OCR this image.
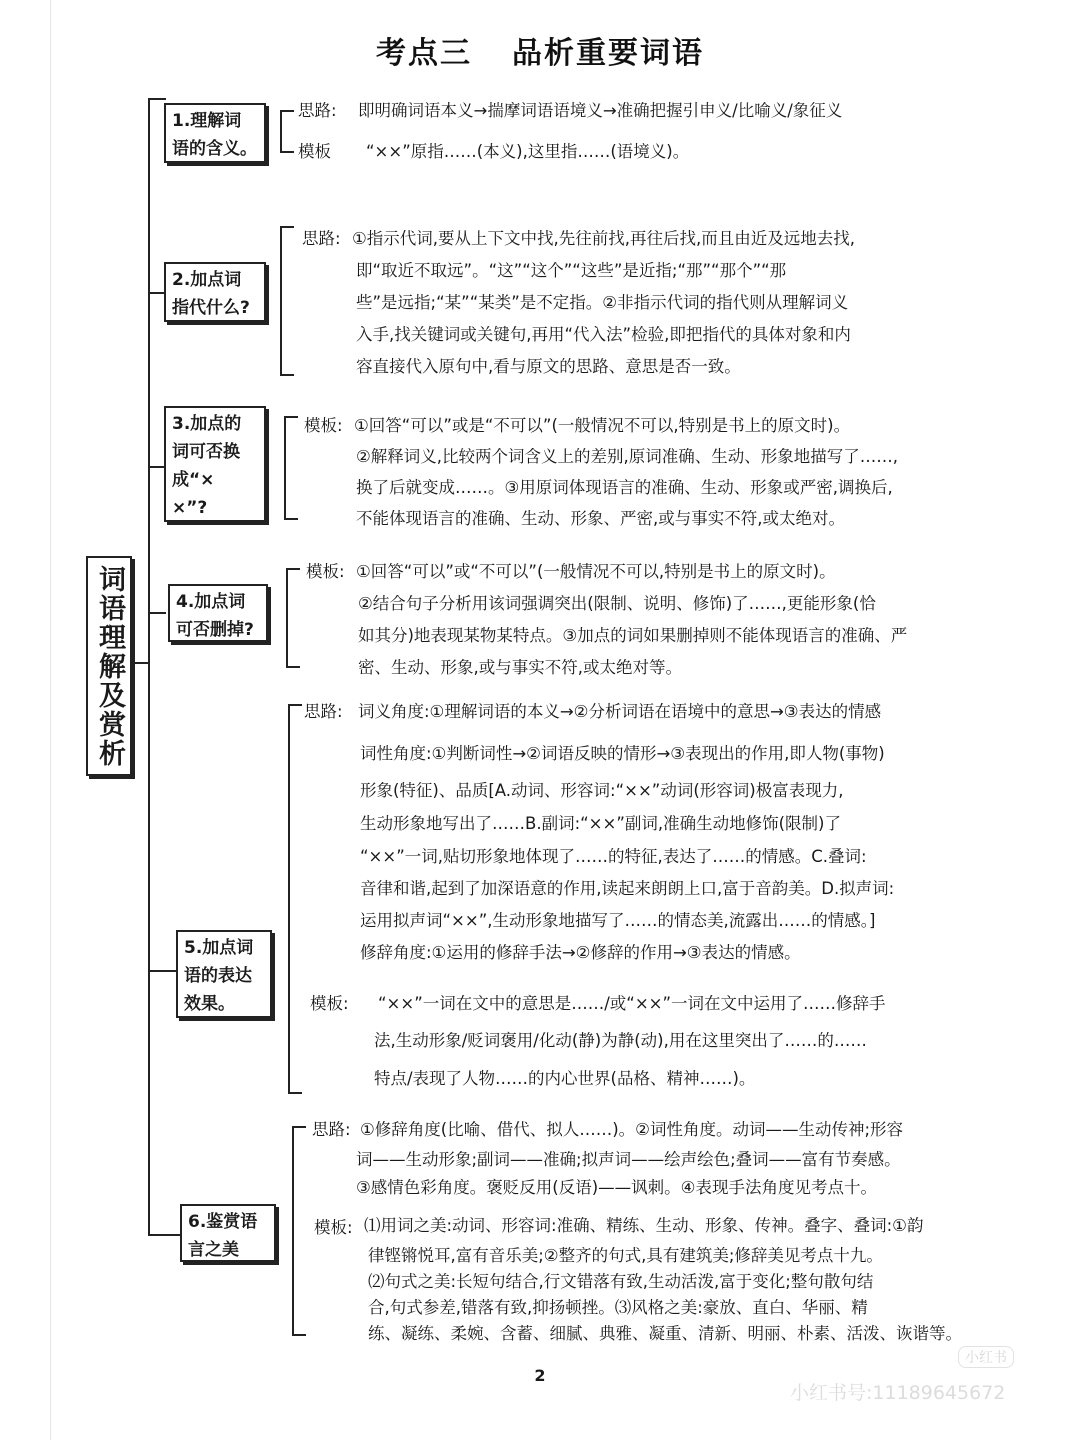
考点三 品析重要词语
词语理解及赏析
1.理解词
语的含义。
思路: 即明确词语本义→揣摩词语语境义→准确把握引申义/比喻义/象征义
模板 “××”原指……(本义),这里指……(语境义)。
2.加点词
指代什么?
思路: ①指示代词,要从上下文中找,先往前找,再往后找,而且由近及远地去找,
即“取近不取远”。“这”“这个”“这些”是近指;“那”“那个”“那
些”是远指;“某”“某类”是不定指。②非指示代词的指代则从理解词义
入手,找关键词或关键句,再用“代入法”检验,即把指代的具体对象和内
容直接代入原句中,看与原文的思路、意思是否一致。
3.加点的
词可否换
成“×
×”?
模板: ①回答“可以”或是“不可以”(一般情况不可以,特别是书上的原文时)。
②解释词义,比较两个词含义上的差别,原词准确、生动、形象地描写了……,
换了后就变成……。③用原词体现语言的准确、生动、形象或严密,调换后,
不能体现语言的准确、生动、形象、严密,或与事实不符,或太绝对。
4.加点词
可否删掉?
模板: ①回答“可以”或“不可以”(一般情况不可以,特别是书上的原文时)。
②结合句子分析用该词强调突出(限制、说明、修饰)了……,更能形象(恰
如其分)地表现某物某特点。③加点的词如果删掉则不能体现语言的准确、严
密、生动、形象,或与事实不符,或太绝对等。
5.加点词
语的表达
效果。
思路: 词义角度:①理解词语的本义→②分析词语在语境中的意思→③表达的情感
词性角度:①判断词性→②词语反映的情形→③表现出的作用,即人物(事物)
形象(特征)、品质[A.动词、形容词:“××”动词(形容词)极富表现力,
生动形象地写出了……B.副词:“××”副词,准确生动地修饰(限制)了
“××”一词,贴切形象地体现了……的特征,表达了……的情感。C.叠词:
音律和谐,起到了加深语意的作用,读起来朗朗上口,富于音韵美。D.拟声词:
运用拟声词“××”,生动形象地描写了……的情态美,流露出……的情感。]
修辞角度:①运用的修辞手法→②修辞的作用→③表达的情感。
模板: “××”一词在文中的意思是……/或“××”一词在文中运用了……修辞手
法,生动形象/贬词褒用/化动(静)为静(动),用在这里突出了……的……
特点/表现了人物……的内心世界(品格、精神……)。
6.鉴赏语
言之美
思路: ①修辞角度(比喻、借代、拟人……)。②词性角度。动词——生动传神;形容
词——生动形象;副词——准确;拟声词——绘声绘色;叠词——富有节奏感。
③感情色彩角度。褒贬反用(反语)——讽刺。④表现手法角度见考点十。
模板: ⑴用词之美:动词、形容词:准确、精练、生动、形象、传神。叠字、叠词:①韵
律铿锵悦耳,富有音乐美;②整齐的句式,具有建筑美;修辞美见考点十九。
⑵句式之美:长短句结合,行文错落有致,生动活泼,富于变化;整句散句结
合,句式参差,错落有致,抑扬顿挫。⑶风格之美:豪放、直白、华丽、精
练、凝练、柔婉、含蓄、细腻、典雅、凝重、清新、明丽、朴素、活泼、诙谐等。
2
小红书
小红书号:11189645672
